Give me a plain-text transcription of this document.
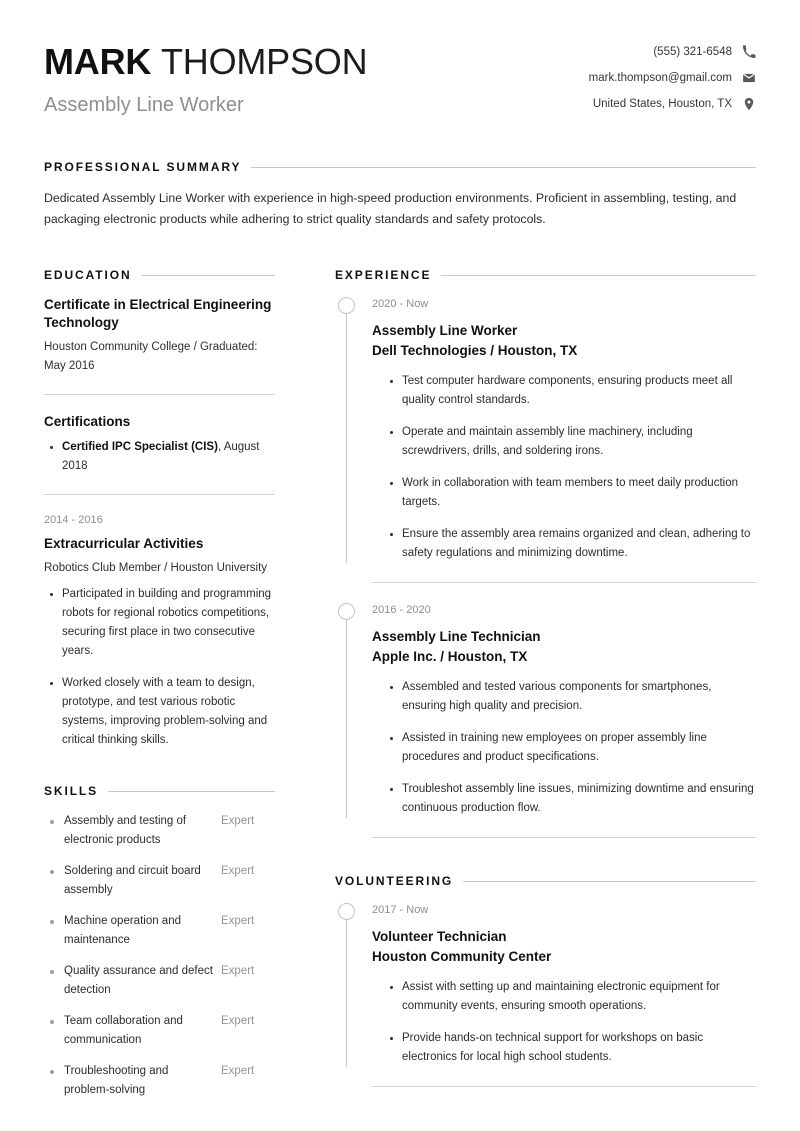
MARK THOMPSON
Assembly Line Worker
(555) 321-6548
mark.thompson@gmail.com
United States, Houston, TX
PROFESSIONAL SUMMARY
Dedicated Assembly Line Worker with experience in high-speed production environments. Proficient in assembling, testing, and packaging electronic products while adhering to strict quality standards and safety protocols.
EDUCATION
Certificate in Electrical Engineering Technology
Houston Community College / Graduated: May 2016
Certifications
Certified IPC Specialist (CIS), August 2018
2014 - 2016
Extracurricular Activities
Robotics Club Member / Houston University
Participated in building and programming robots for regional robotics competitions, securing first place in two consecutive years.
Worked closely with a team to design, prototype, and test various robotic systems, improving problem-solving and critical thinking skills.
SKILLS
Assembly and testing of electronic products
Expert
Soldering and circuit board assembly
Expert
Machine operation and maintenance
Expert
Quality assurance and defect detection
Expert
Team collaboration and communication
Expert
Troubleshooting and problem-solving
Expert
EXPERIENCE
2020 - Now
Assembly Line Worker
Dell Technologies / Houston, TX
Test computer hardware components, ensuring products meet all quality control standards.
Operate and maintain assembly line machinery, including screwdrivers, drills, and soldering irons.
Work in collaboration with team members to meet daily production targets.
Ensure the assembly area remains organized and clean, adhering to safety regulations and minimizing downtime.
2016 - 2020
Assembly Line Technician
Apple Inc. / Houston, TX
Assembled and tested various components for smartphones, ensuring high quality and precision.
Assisted in training new employees on proper assembly line procedures and product specifications.
Troubleshot assembly line issues, minimizing downtime and ensuring continuous production flow.
VOLUNTEERING
2017 - Now
Volunteer Technician
Houston Community Center
Assist with setting up and maintaining electronic equipment for community events, ensuring smooth operations.
Provide hands-on technical support for workshops on basic electronics for local high school students.
